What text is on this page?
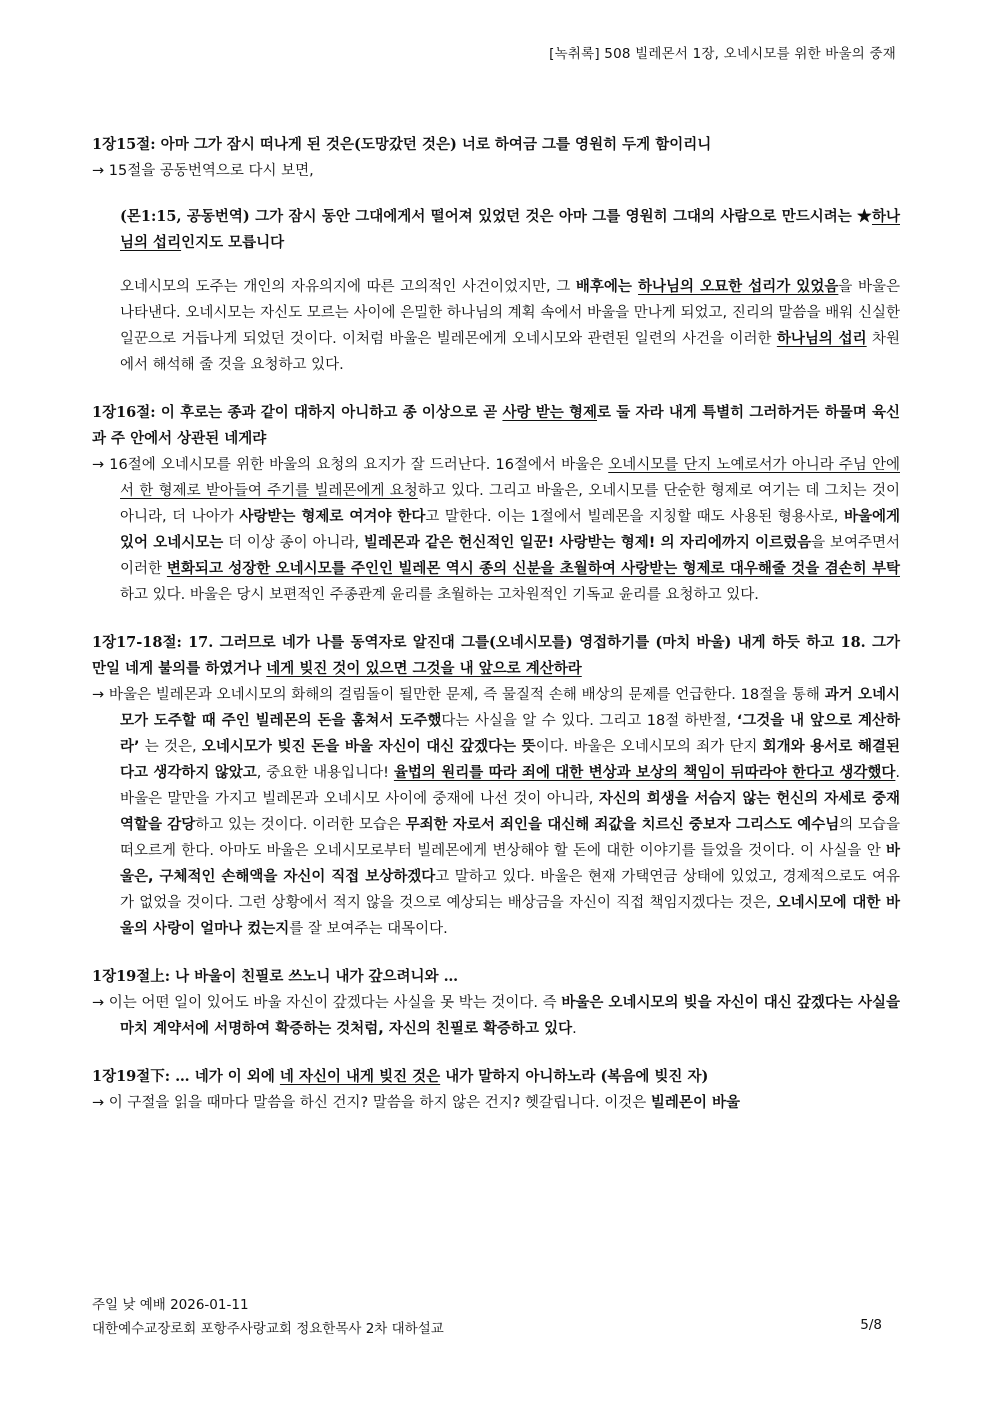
[녹취록] 508 빌레몬서 1장, 오네시모를 위한 바울의 중재
1장15절: 아마 그가 잠시 떠나게 된 것은(도망갔던 것은) 너로 하여금 그를 영원히 두게 함이리니
→ 15절을 공동번역으로 다시 보면,
(몬1:15, 공동번역) 그가 잠시 동안 그대에게서 떨어져 있었던 것은 아마 그를 영원히 그대의 사람으로 만드시려는 ★하나님의 섭리인지도 모릅니다
오네시모의 도주는 개인의 자유의지에 따른 고의적인 사건이었지만, 그 배후에는 하나님의 오묘한 섭리가 있었음을 바울은 나타낸다. 오네시모는 자신도 모르는 사이에 은밀한 하나님의 계획 속에서 바울을 만나게 되었고, 진리의 말씀을 배워 신실한 일꾼으로 거듭나게 되었던 것이다. 이처럼 바울은 빌레몬에게 오네시모와 관련된 일련의 사건을 이러한 하나님의 섭리 차원에서 해석해 줄 것을 요청하고 있다.
1장16절: 이 후로는 종과 같이 대하지 아니하고 종 이상으로 곧 사랑 받는 형제로 둘 자라 내게 특별히 그러하거든 하물며 육신과 주 안에서 상관된 네게랴
→ 16절에 오네시모를 위한 바울의 요청의 요지가 잘 드러난다. 16절에서 바울은 오네시모를 단지 노예로서가 아니라 주님 안에서 한 형제로 받아들여 주기를 빌레몬에게 요청하고 있다. 그리고 바울은, 오네시모를 단순한 형제로 여기는 데 그치는 것이 아니라, 더 나아가 사랑받는 형제로 여겨야 한다고 말한다. 이는 1절에서 빌레몬을 지칭할 때도 사용된 형용사로, 바울에게 있어 오네시모는 더 이상 종이 아니라, 빌레몬과 같은 헌신적인 일꾼! 사랑받는 형제! 의 자리에까지 이르렀음을 보여주면서 이러한 변화되고 성장한 오네시모를 주인인 빌레몬 역시 종의 신분을 초월하여 사랑받는 형제로 대우해줄 것을 겸손히 부탁하고 있다. 바울은 당시 보편적인 주종관계 윤리를 초월하는 고차원적인 기독교 윤리를 요청하고 있다.
1장17-18절: 17. 그러므로 네가 나를 동역자로 알진대 그를(오네시모를) 영접하기를 (마치 바울) 내게 하듯 하고 18. 그가 만일 네게 불의를 하였거나 네게 빚진 것이 있으면 그것을 내 앞으로 계산하라
→ 바울은 빌레몬과 오네시모의 화해의 걸림돌이 될만한 문제, 즉 물질적 손해 배상의 문제를 언급한다. 18절을 통해 과거 오네시모가 도주할 때 주인 빌레몬의 돈을 훔쳐서 도주했다는 사실을 알 수 있다. 그리고 18절 하반절, ‘그것을 내 앞으로 계산하라’ 는 것은, 오네시모가 빚진 돈을 바울 자신이 대신 갚겠다는 뜻이다. 바울은 오네시모의 죄가 단지 회개와 용서로 해결된다고 생각하지 않았고, 중요한 내용입니다! 율법의 원리를 따라 죄에 대한 변상과 보상의 책임이 뒤따라야 한다고 생각했다. 바울은 말만을 가지고 빌레몬과 오네시모 사이에 중재에 나선 것이 아니라, 자신의 희생을 서슴지 않는 헌신의 자세로 중재 역할을 감당하고 있는 것이다. 이러한 모습은 무죄한 자로서 죄인을 대신해 죄값을 치르신 중보자 그리스도 예수님의 모습을 떠오르게 한다. 아마도 바울은 오네시모로부터 빌레몬에게 변상해야 할 돈에 대한 이야기를 들었을 것이다. 이 사실을 안 바울은, 구체적인 손해액을 자신이 직접 보상하겠다고 말하고 있다. 바울은 현재 가택연금 상태에 있었고, 경제적으로도 여유가 없었을 것이다. 그런 상황에서 적지 않을 것으로 예상되는 배상금을 자신이 직접 책임지겠다는 것은, 오네시모에 대한 바울의 사랑이 얼마나 컸는지를 잘 보여주는 대목이다.
1장19절上: 나 바울이 친필로 쓰노니 내가 갚으려니와 …
→ 이는 어떤 일이 있어도 바울 자신이 갚겠다는 사실을 못 박는 것이다. 즉 바울은 오네시모의 빚을 자신이 대신 갚겠다는 사실을 마치 계약서에 서명하여 확증하는 것처럼, 자신의 친필로 확증하고 있다.
1장19절下: … 네가 이 외에 네 자신이 내게 빚진 것은 내가 말하지 아니하노라 (복음에 빚진 자)
→ 이 구절을 읽을 때마다 말씀을 하신 건지? 말씀을 하지 않은 건지? 헷갈립니다. 이것은 빌레몬이 바울
주일 낮 예배 2026-01-11
대한예수교장로회 포항주사랑교회 정요한목사 2차 대하설교	5/8
